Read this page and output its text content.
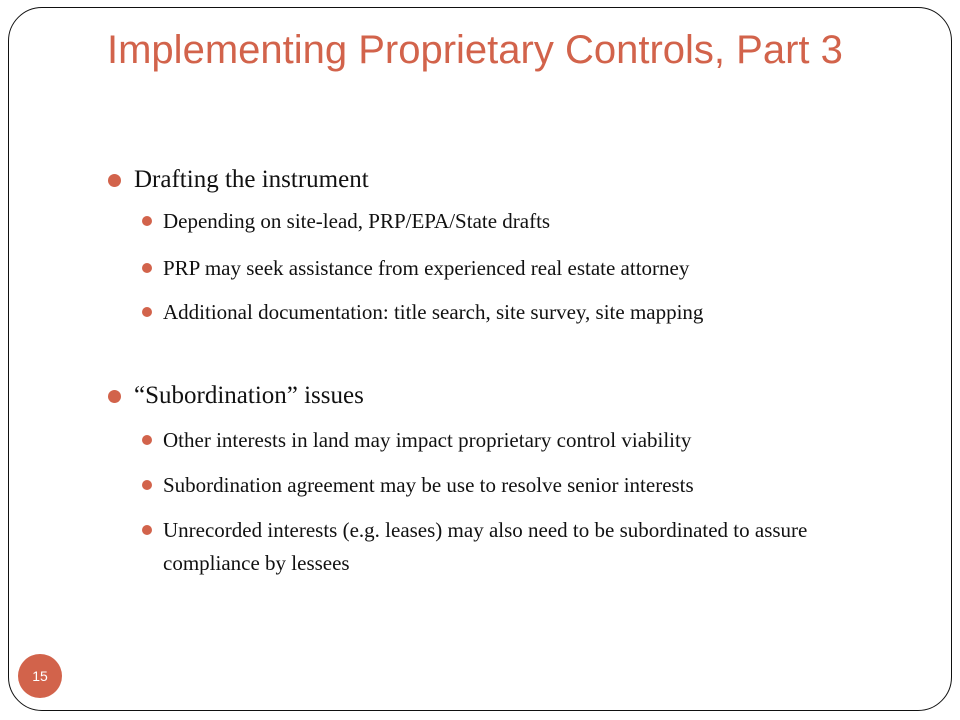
Implementing Proprietary Controls, Part 3
Drafting the instrument
Depending on site-lead, PRP/EPA/State drafts
PRP may seek assistance from experienced real estate attorney
Additional documentation: title search, site survey, site mapping
“Subordination” issues
Other interests in land may impact proprietary control viability
Subordination agreement may be use to resolve senior interests
Unrecorded interests (e.g. leases) may also need to be subordinated to assure compliance by lessees
15
